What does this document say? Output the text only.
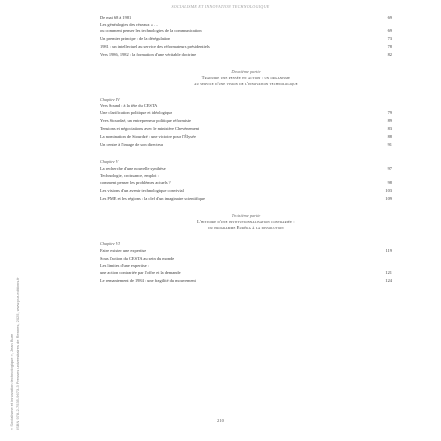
SOCIALISME ET INNOVATION TECHNOLOGIQUE
« Socialisme et innovation technologique », Jean Bure ISBN 978-2-7535-9673-3 Presses universitaires de Rennes, 2025, www.pur-editions.fr
De mai 68 à 1981	69
Les généalogies des réseaux « …
ou comment penser les technologies de la communication	69
Un premier principe : de la dérégulation	73
1981 : un intellectuel au service des réformateurs présidentiels	78
Vers 1986, 1982 : la formation d'une véritable doctrine	82
Deuxième partie
Traduire une pensée en action : un organisme
au service d'une vision de l'innovation technologique
Chapitre IV
Vers Sound : à la tête du CESTA
Une clarification politique et idéologique	79
Yves Stourdzé, un entrepreneur politique réformiste	89
Tensions et négociations avec le ministère Chevènement	83
La nomination de Stourdzé : une victoire pour l'Élysée	88
Un centre à l'image de son directeur	91
Chapitre V
La recherche d'une nouvelle synthèse	97
Technologie, croissance, emploi :
comment penser les problèmes actuels ?	98
Les visions d'un avenir technologique convivial	103
Les PME et les régions : la clef d'un imaginaire scientifique	109
Troisième partie
L'histoire d'une institutionnalisation contrariée :
du programme Eurêka à la dissolution
Chapitre VI
Faire exister une expertise	119
Sous l'action du CESTA au sein du monde
Les limites d'une expertise :
une action contrariée par l'offre et la demande	121
Le remaniement de 1984 : une fragilité du mouvement	124
210
